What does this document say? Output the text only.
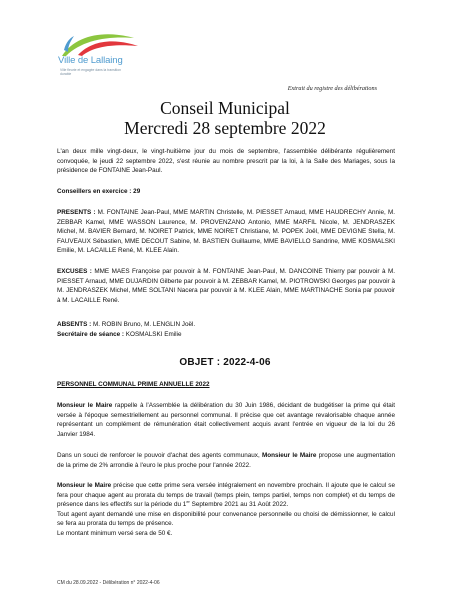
Ville de Lallaing
Ville fleurie et engagée dans la transition durable
Extrait du registre des délibérations
Conseil Municipal
Mercredi 28 septembre 2022

L'an deux mille vingt-deux, le vingt-huitième jour du mois de septembre, l'assemblée délibérante régulièrement convoquée, le jeudi 22 septembre 2022, s'est réunie au nombre prescrit par la loi, à la Salle des Mariages, sous la présidence de FONTAINE Jean-Paul.

Conseillers en exercice : 29

PRESENTS : M. FONTAINE Jean-Paul, MME MARTIN Christelle, M. PIESSET Arnaud, MME HAUDRECHY Annie, M. ZEBBAR Kamel, MME WASSON Laurence, M. PROVENZANO Antonio, MME MARFIL Nicole, M. JENDRASZEK Michel, M. BAVIER Bernard, M. NOIRET Patrick, MME NOIRET Christiane, M. POPEK Joël, MME DEVIGNE Stella, M. FAUVEAUX Sébastien, MME DECOUT Sabine, M. BASTIEN Guillaume, MME BAVIELLO Sandrine, MME KOSMALSKI Emilie, M. LACAILLE René, M. KLEE Alain.

EXCUSES : MME MAES Françoise par pouvoir à M. FONTAINE Jean-Paul, M. DANCOINE Thierry par pouvoir à M. PIESSET Arnaud, MME DUJARDIN Gilberte par pouvoir à M. ZEBBAR Kamel, M. PIOTROWSKI Georges par pouvoir à M. JENDRASZEK Michel, MME SOLTANI Nacera par pouvoir à M. KLEE Alain, MME MARTINACHE Sonia par pouvoir à M. LACAILLE René.

ABSENTS : M. ROBIN Bruno, M. LENGLIN Joël.

Secrétaire de séance : KOSMALSKI Emilie

OBJET : 2022-4-06

PERSONNEL COMMUNAL PRIME ANNUELLE 2022

Monsieur le Maire rappelle à l'Assemblée la délibération du 30 Juin 1986, décidant de budgétiser la prime qui était versée à l'époque semestriellement au personnel communal. Il précise que cet avantage revalorisable chaque année représentant un complément de rémunération était collectivement acquis avant l'entrée en vigueur de la loi du 26 Janvier 1984.

Dans un souci de renforcer le pouvoir d'achat des agents communaux, Monsieur le Maire propose une augmentation de la prime de 2% arrondie à l'euro le plus proche pour l'année 2022.

Monsieur le Maire précise que cette prime sera versée intégralement en novembre prochain. Il ajoute que le calcul se fera pour chaque agent au prorata du temps de travail (temps plein, temps partiel, temps non complet) et du temps de présence dans les effectifs sur la période du 1er Septembre 2021 au 31 Août 2022.

Tout agent ayant demandé une mise en disponibilité pour convenance personnelle ou choisi de démissionner, le calcul se fera au prorata du temps de présence.

Le montant minimum versé sera de 50 €.

CM du 28.09.2022 - Délibération n° 2022-4-06
